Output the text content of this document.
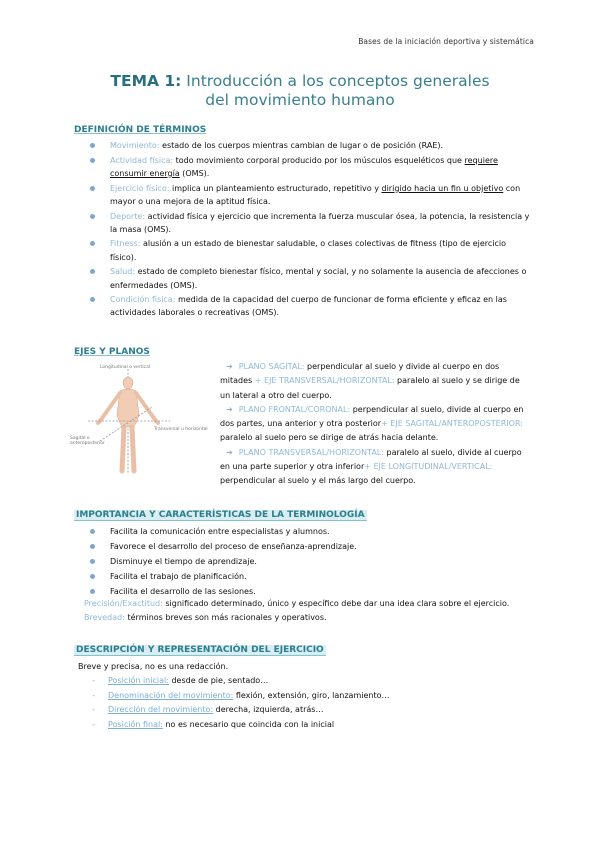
Bases de la iniciación deportiva y sistemática
TEMA 1: Introducción a los conceptos generales
del movimiento humano
DEFINICIÓN DE TÉRMINOS
Movimiento: estado de los cuerpos mientras cambian de lugar o de posición (RAE).
Actividad física: todo movimiento corporal producido por los músculos esqueléticos que requiere consumir energía (OMS).
Ejercicio físico: implica un planteamiento estructurado, repetitivo y dirigido hacia un fin u objetivo con mayor o una mejora de la aptitud física.
Deporte: actividad física y ejercicio que incrementa la fuerza muscular ósea, la potencia, la resistencia y la masa (OMS).
Fitness: alusión a un estado de bienestar saludable, o clases colectivas de fitness (tipo de ejercicio físico).
Salud: estado de completo bienestar físico, mental y social, y no solamente la ausencia de afecciones o enfermedades (OMS).
Condición física: medida de la capacidad del cuerpo de funcionar de forma eficiente y eficaz en las actividades laborales o recreativas (OMS).
EJES Y PLANOS
Longitudinal o vertical
Transversal u horizontal
Sagital o anteroposterior
➔ PLANO SAGITAL: perpendicular al suelo y divide al cuerpo en dos mitades + EJE TRANSVERSAL/HORIZONTAL: paralelo al suelo y se dirige de un lateral a otro del cuerpo.
➔ PLANO FRONTAL/CORONAL: perpendicular al suelo, divide al cuerpo en dos partes, una anterior y otra posterior+ EJE SAGITAL/ANTEROPOSTERIOR: paralelo al suelo pero se dirige de atrás hacia delante.
➔ PLANO TRANSVERSAL/HORIZONTAL: paralelo al suelo, divide al cuerpo en una parte superior y otra inferior+ EJE LONGITUDINAL/VERTICAL: perpendicular al suelo y el más largo del cuerpo.
IMPORTANCIA Y CARACTERÍSTICAS DE LA TERMINOLOGÍA
Facilita la comunicación entre especialistas y alumnos.
Favorece el desarrollo del proceso de enseñanza-aprendizaje.
Disminuye el tiempo de aprendizaje.
Facilita el trabajo de planificación.
Facilita el desarrollo de las sesiones.
Precisión/Exactitud: significado determinado, único y específico debe dar una idea clara sobre el ejercicio.
Brevedad: términos breves son más racionales y operativos.
DESCRIPCIÓN Y REPRESENTACIÓN DEL EJERCICIO
Breve y precisa, no es una redacción.
- Posición inicial: desde de pie, sentado…
- Denominación del movimiento: flexión, extensión, giro, lanzamiento…
- Dirección del movimiento: derecha, izquierda, atrás…
- Posición final: no es necesario que coincida con la inicial
